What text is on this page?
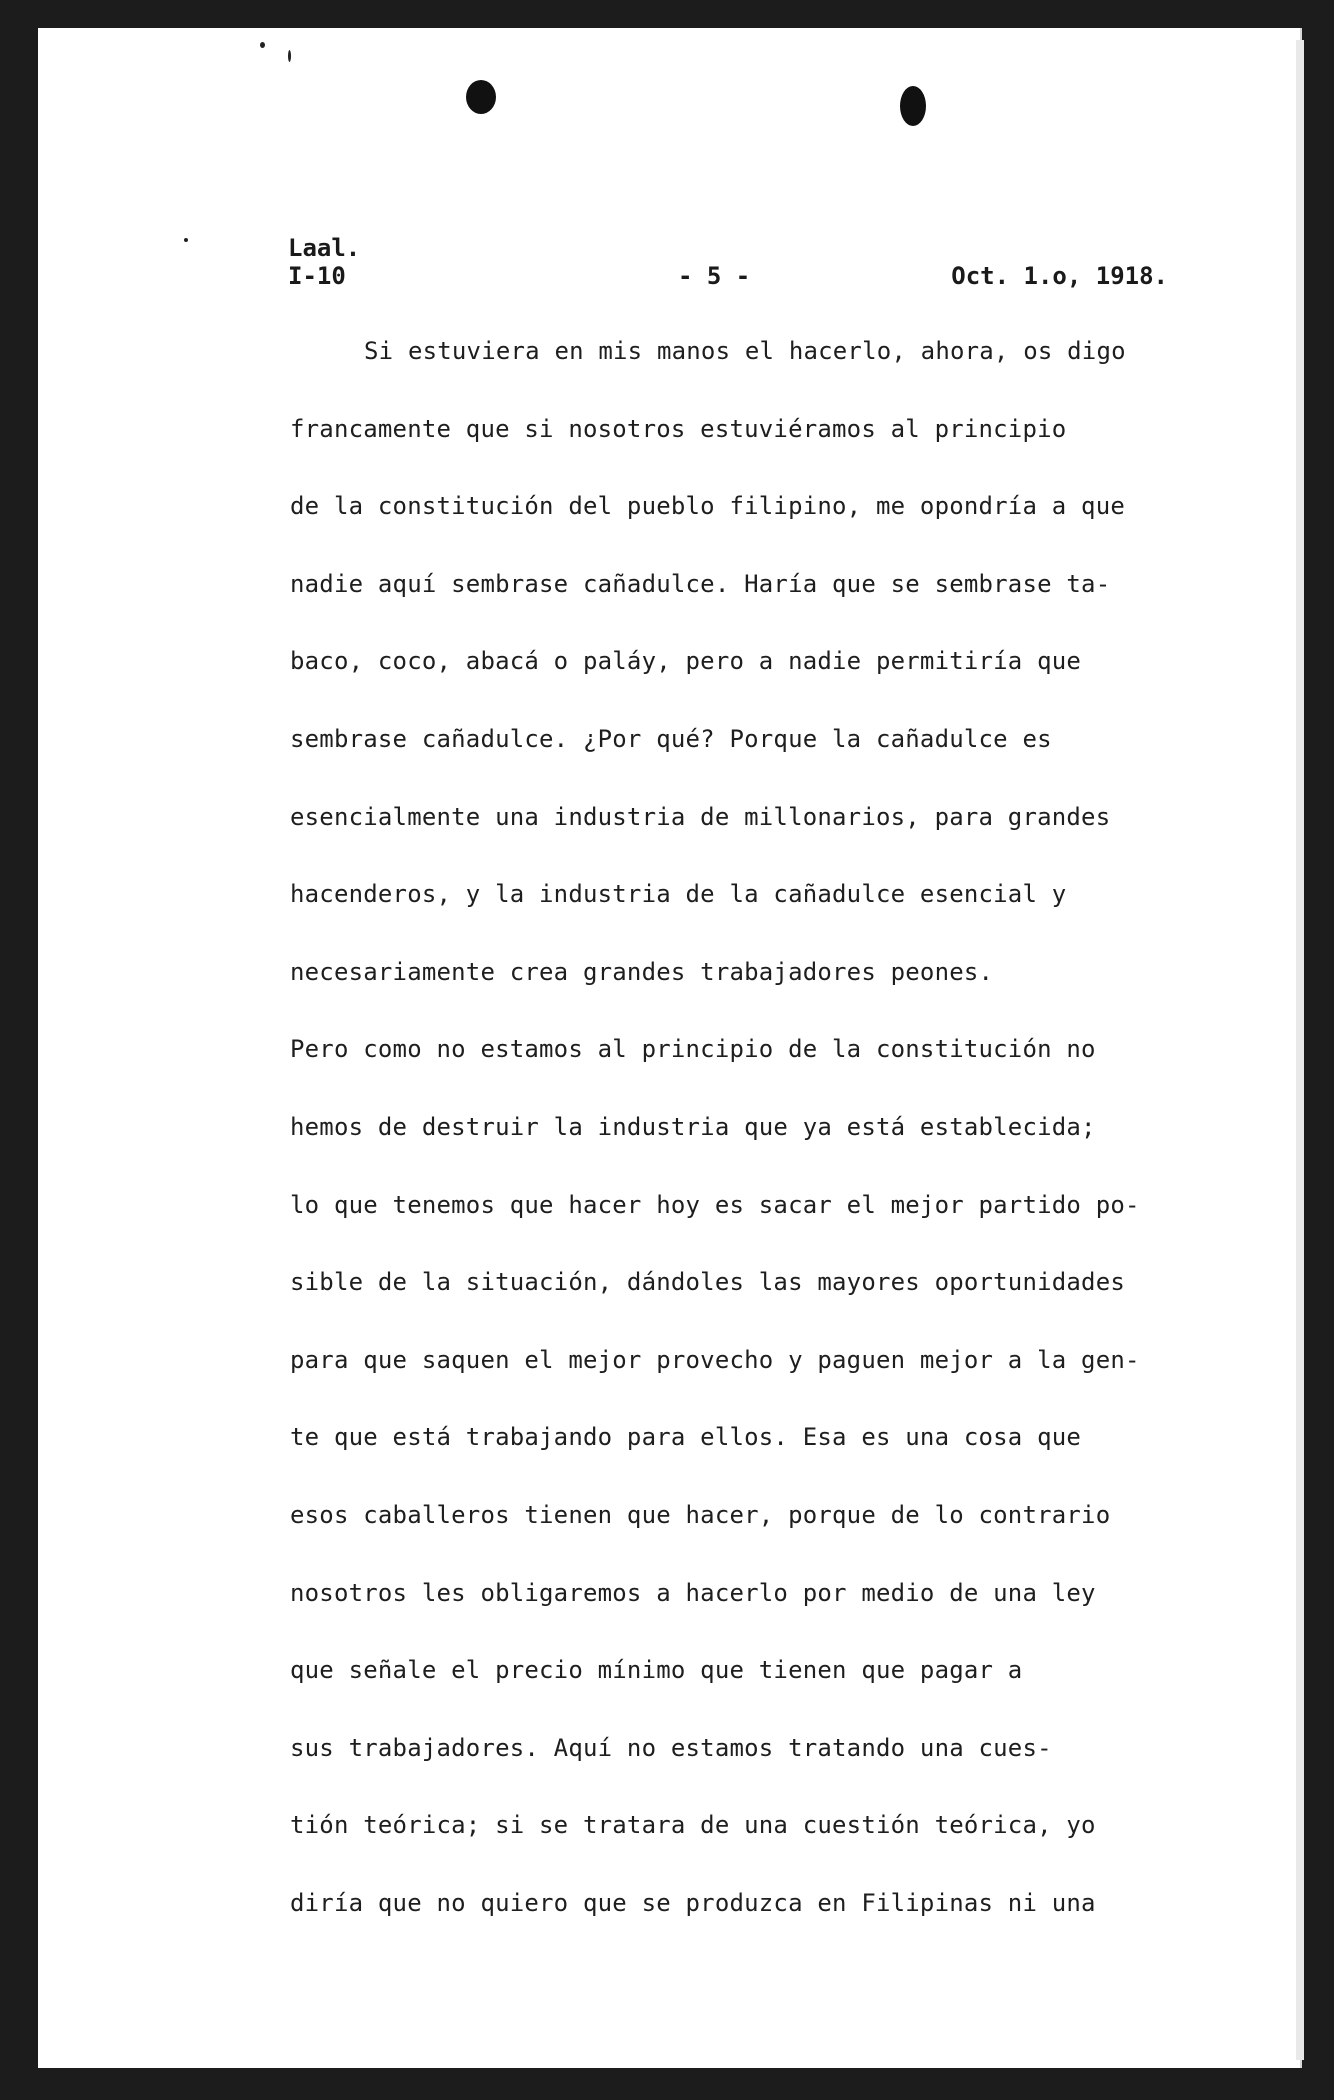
Laal.
I-10	- 5 -	Oct. 1.o, 1918.
Si estuviera en mis manos el hacerlo, ahora, os digo
francamente que si nosotros estuviéramos al principio
de la constitución del pueblo filipino, me opondría a que
nadie aquí sembrase cañadulce. Haría que se sembrase ta-
baco, coco, abacá o paláy, pero a nadie permitiría que
sembrase cañadulce. ¿Por qué? Porque la cañadulce es
esencialmente una industria de millonarios, para grandes
hacenderos, y la industria de la cañadulce esencial y
necesariamente crea grandes trabajadores peones.
Pero como no estamos al principio de la constitución no
hemos de destruir la industria que ya está establecida;
lo que tenemos que hacer hoy es sacar el mejor partido po-
sible de la situación, dándoles las mayores oportunidades
para que saquen el mejor provecho y paguen mejor a la gen-
te que está trabajando para ellos. Esa es una cosa que
esos caballeros tienen que hacer, porque de lo contrario
nosotros les obligaremos a hacerlo por medio de una ley
que señale el precio mínimo que tienen que pagar a
sus trabajadores. Aquí no estamos tratando una cues-
tión teórica; si se tratara de una cuestión teórica, yo
diría que no quiero que se produzca en Filipinas ni una
